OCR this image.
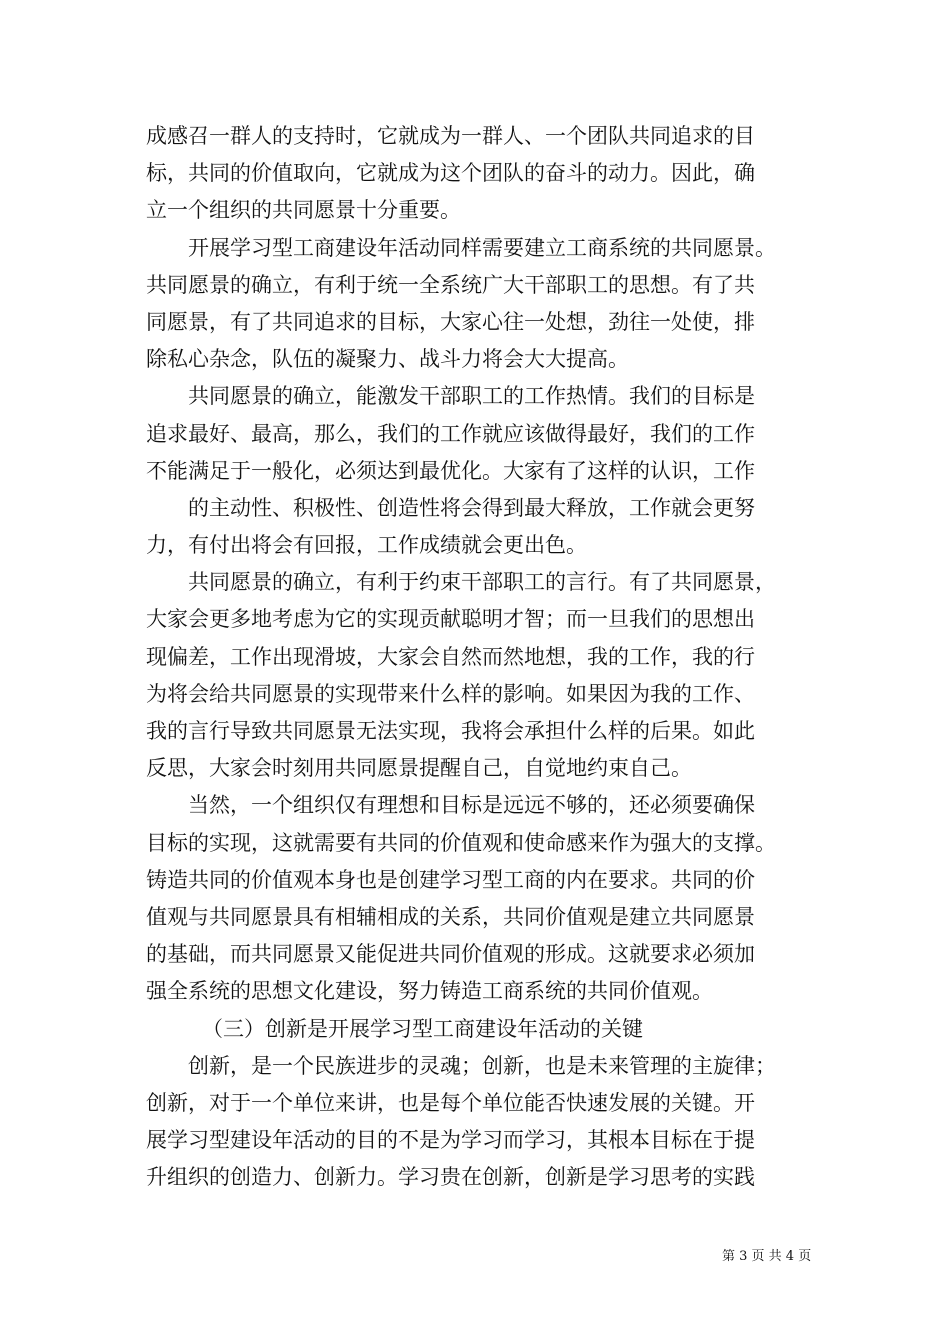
成感召一群人的支持时，它就成为一群人、一个团队共同追求的目
标，共同的价值取向，它就成为这个团队的奋斗的动力。因此，确
立一个组织的共同愿景十分重要。
开展学习型工商建设年活动同样需要建立工商系统的共同愿景。
共同愿景的确立，有利于统一全系统广大干部职工的思想。有了共
同愿景，有了共同追求的目标，大家心往一处想，劲往一处使，排
除私心杂念，队伍的凝聚力、战斗力将会大大提高。
共同愿景的确立，能激发干部职工的工作热情。我们的目标是
追求最好、最高，那么，我们的工作就应该做得最好，我们的工作
不能满足于一般化，必须达到最优化。大家有了这样的认识，工作
的主动性、积极性、创造性将会得到最大释放，工作就会更努
力，有付出将会有回报，工作成绩就会更出色。
共同愿景的确立，有利于约束干部职工的言行。有了共同愿景，
大家会更多地考虑为它的实现贡献聪明才智；而一旦我们的思想出
现偏差，工作出现滑坡，大家会自然而然地想，我的工作，我的行
为将会给共同愿景的实现带来什么样的影响。如果因为我的工作、
我的言行导致共同愿景无法实现，我将会承担什么样的后果。如此
反思，大家会时刻用共同愿景提醒自己，自觉地约束自己。
当然，一个组织仅有理想和目标是远远不够的，还必须要确保
目标的实现，这就需要有共同的价值观和使命感来作为强大的支撑。
铸造共同的价值观本身也是创建学习型工商的内在要求。共同的价
值观与共同愿景具有相辅相成的关系，共同价值观是建立共同愿景
的基础，而共同愿景又能促进共同价值观的形成。这就要求必须加
强全系统的思想文化建设，努力铸造工商系统的共同价值观。
（三）创新是开展学习型工商建设年活动的关键
创新，是一个民族进步的灵魂；创新，也是未来管理的主旋律；
创新，对于一个单位来讲，也是每个单位能否快速发展的关键。开
展学习型建设年活动的目的不是为学习而学习，其根本目标在于提
升组织的创造力、创新力。学习贵在创新，创新是学习思考的实践
第 3 页 共 4 页
